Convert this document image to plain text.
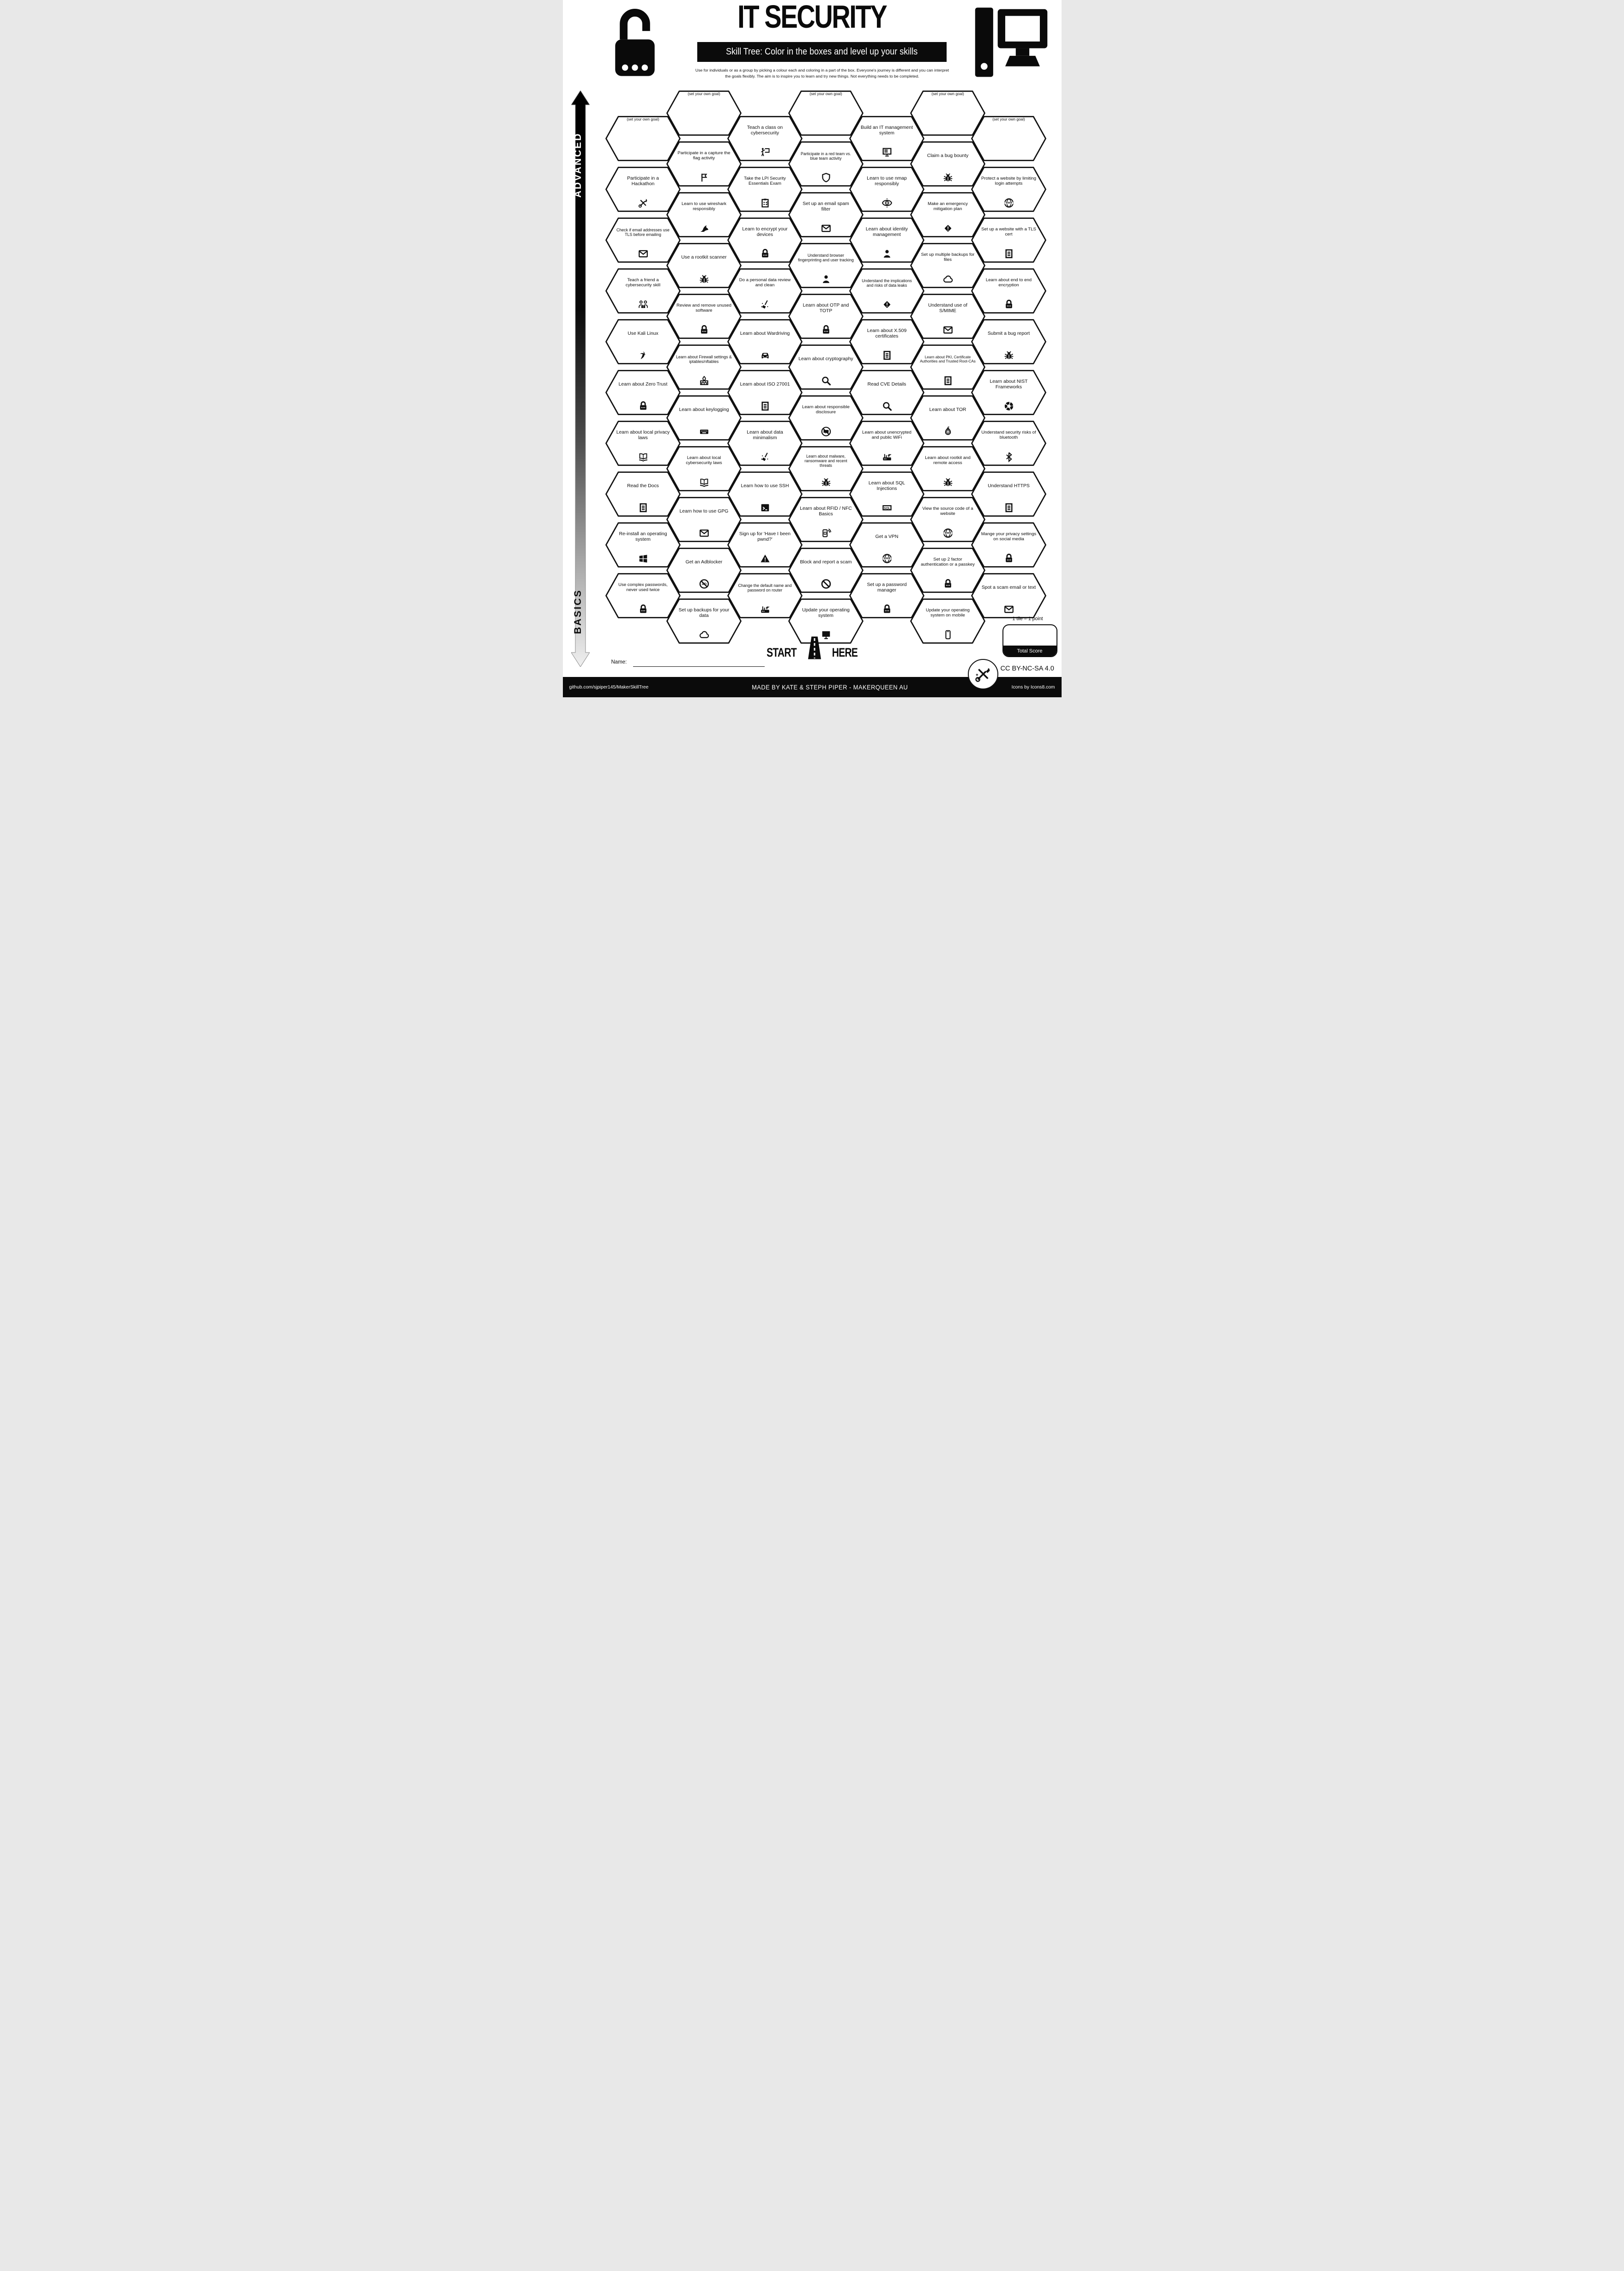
IT SECURITY
Skill Tree: Color in the boxes and level up your skills
Use for individuals or as a group by picking a colour each and coloring in a part of the box. Everyone's journey is different and you can interpret the goals flexibly. The aim is to inspire you to learn and try new things. Not everything needs to be completed.
ADVANCED
BASICS
(set your own goal)
Participate in a Hackathon
Check if email addresses use TLS before emailing
Teach a friend a cybersecurity skill
Use Kali Linux
Learn about Zero Trust
Learn about local privacy laws
Read the Docs
Re-install an operating system
Use complex passwords, never used twice
(set your own goal)
Participate in a capture the flag activity
Learn to use wireshark responsibly
Use a rootkit scanner
Review and remove unused software
Learn about Firewall settings & iptables/nftables
Learn about keylogging
Learn about local cybersecurity laws
Learn how to use GPG
Get an Adblocker
AD
Set up backups for your data
Teach a class on cybersecurity
Take the LPI Security Essentials Exam
Learn to encrypt your devices
Do a personal data review and clean
Learn about Wardriving
Learn about ISO 27001
Learn about data minimalism
Learn how to use SSH
Sign up for 'Have I been pwnd?'
Change the default name and password on router
(set your own goal)
Participate in a red team vs. blue team activity
Set up an email spam filter
Understand browser fingerprinting and user tracking
Learn about OTP and TOTP
Learn about cryptography
Learn about responsible disclosure
Learn about malware, ransomware and recent threats
Learn about RFID / NFC Basics
Block and report a scam
Update your operating system
Build an IT management system
Learn to use nmap responsibly
Learn about identity management
Understand the implications and risks of data leaks
Learn about X.509 certificates
Read CVE Details
Learn about unencrypted and public WiFi
Learn about SQL Injections
SQL
Get a VPN
WWW
Set up a password manager
(set your own goal)
Claim a bug bounty
Make an emergency mitigation plan
Set up multiple backups for files
Understand use of S/MIME
Learn about PKI, Certificate Authorities and Trusted Root-CAs
Learn about TOR
Learn about rootkit and remote access
View the source code of a website
WWW
Set up 2 factor authentication or a passkey
Update your operating system on mobile
(set your own goal)
Protect a website by limiting login attempts
WWW
Set up a website with a TLS cert
Learn about end to end encryption
Submit a bug report
Learn about NIST Frameworks
Understand security risks of bluetooth
Understand HTTPS
Mange your privacy settings on social media
Spot a scam email or text
START	HERE
Name:
1 tile = 1 point
Total Score
CC BY-NC-SA 4.0
github.com/sjpiper145/MakerSkillTree	MADE BY KATE & STEPH PIPER - MAKERQUEEN AU	Icons by Icons8.com
